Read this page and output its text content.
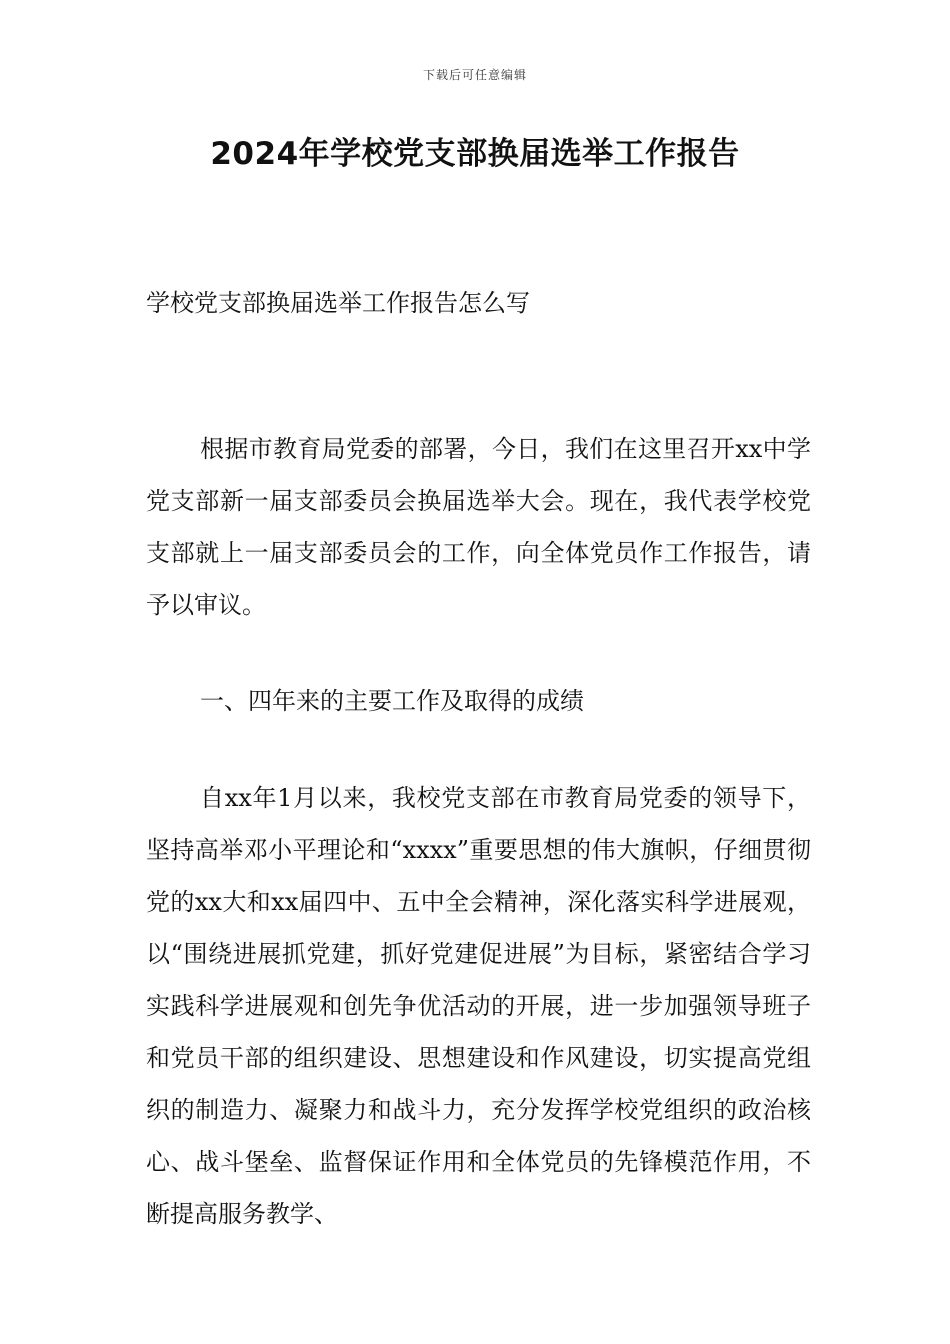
下载后可任意编辑
2024年学校党支部换届选举工作报告

学校党支部换届选举工作报告怎么写

根据市教育局党委的部署，今日，我们在这里召开xx中学党支部新一届支部委员会换届选举大会。现在，我代表学校党支部就上一届支部委员会的工作，向全体党员作工作报告，请予以审议。

一、四年来的主要工作及取得的成绩

自xx年1月以来，我校党支部在市教育局党委的领导下，坚持高举邓小平理论和“xxxx”重要思想的伟大旗帜，仔细贯彻党的xx大和xx届四中、五中全会精神，深化落实科学进展观，以“围绕进展抓党建，抓好党建促进展”为目标，紧密结合学习实践科学进展观和创先争优活动的开展，进一步加强领导班子和党员干部的组织建设、思想建设和作风建设，切实提高党组织的制造力、凝聚力和战斗力，充分发挥学校党组织的政治核心、战斗堡垒、监督保证作用和全体党员的先锋模范作用，不断提高服务教学、
